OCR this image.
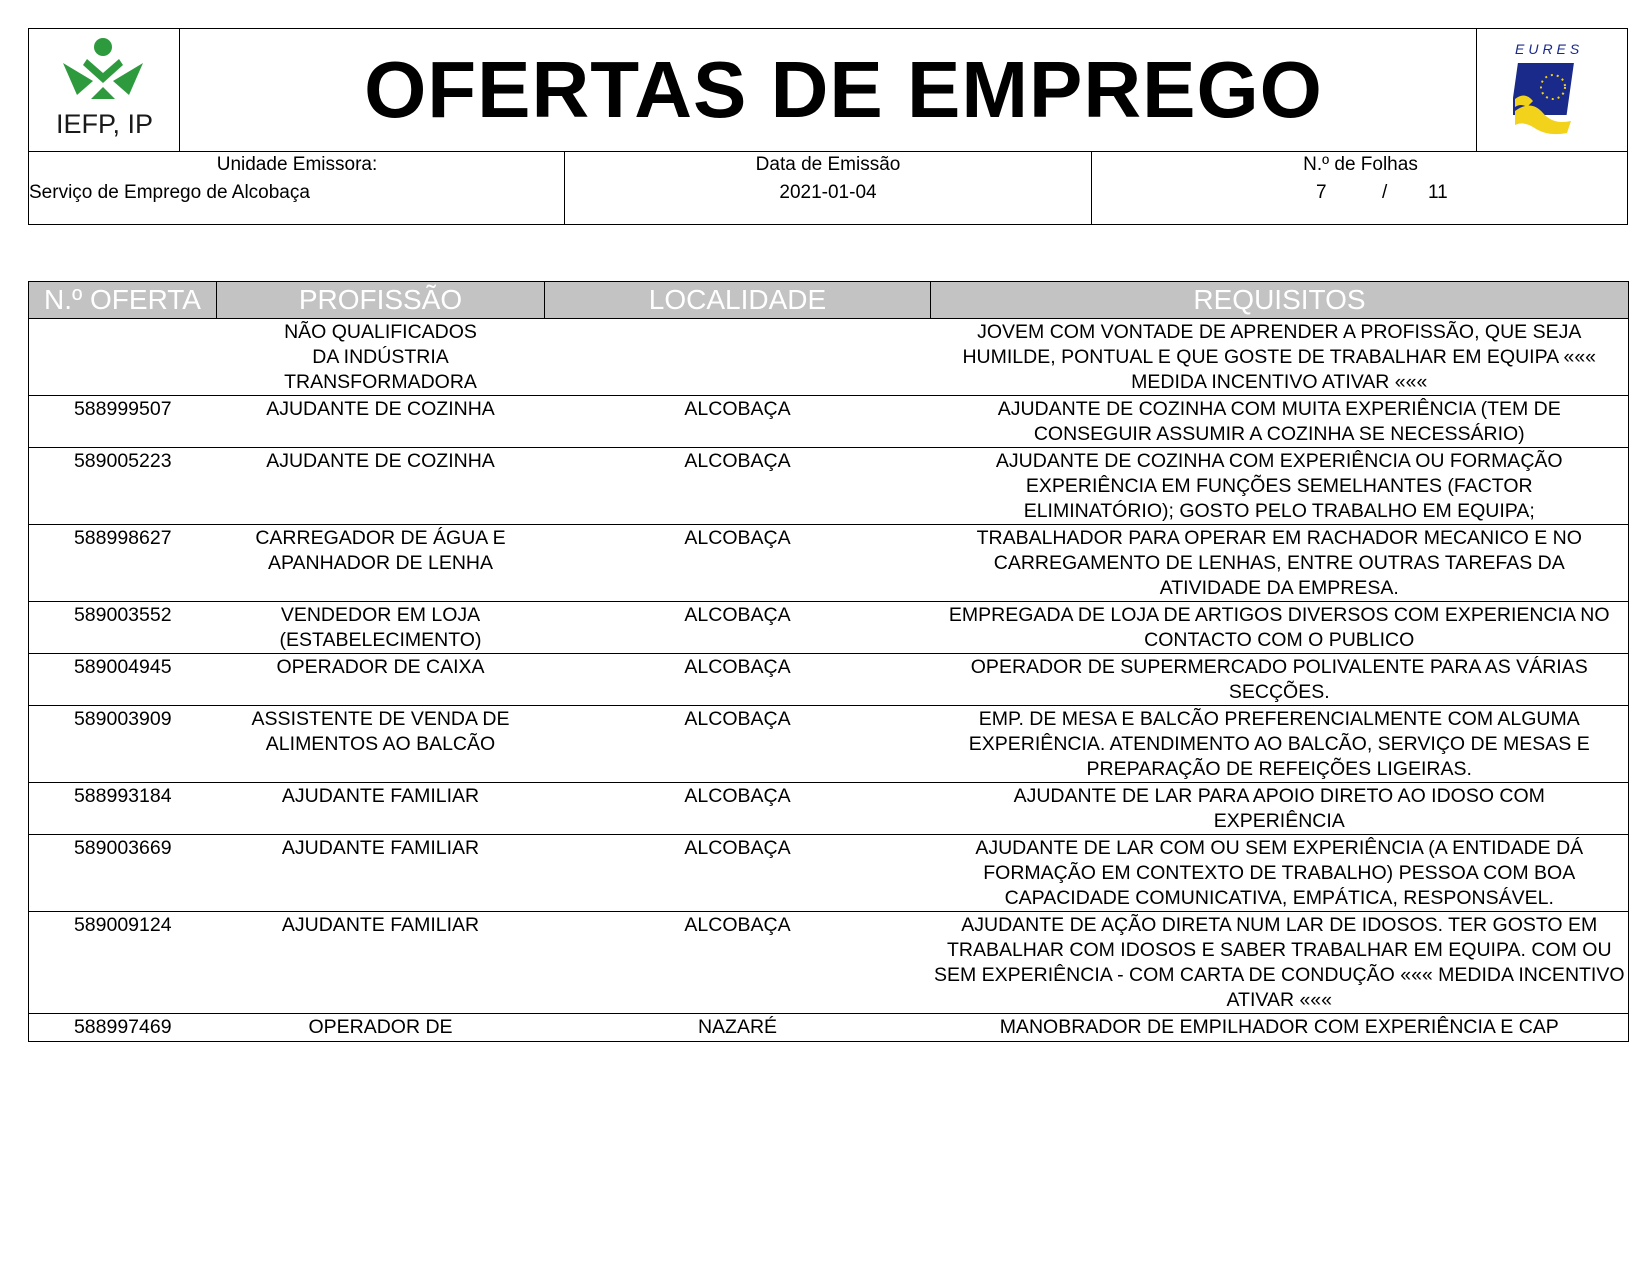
IEFP, IP	OFERTAS DE EMPREGO	EURES
Unidade Emissora:
Serviço de Emprego de Alcobaça
Data de Emissão
2021-01-04
N.º de Folhas
7	/ 11
N.º OFERTA	PROFISSÃO	LOCALIDADE	REQUISITOS
	NÃO QUALIFICADOS DA INDÚSTRIA TRANSFORMADORA		JOVEM COM VONTADE DE APRENDER A PROFISSÃO, QUE SEJA HUMILDE, PONTUAL E QUE GOSTE DE TRABALHAR EM EQUIPA ««« MEDIDA INCENTIVO ATIVAR «««
588999507	AJUDANTE DE COZINHA	ALCOBAÇA	AJUDANTE DE COZINHA COM MUITA EXPERIÊNCIA (TEM DE CONSEGUIR ASSUMIR A COZINHA SE NECESSÁRIO)
589005223	AJUDANTE DE COZINHA	ALCOBAÇA	AJUDANTE DE COZINHA COM EXPERIÊNCIA OU FORMAÇÃO EXPERIÊNCIA EM FUNÇÕES SEMELHANTES (FACTOR ELIMINATÓRIO); GOSTO PELO TRABALHO EM EQUIPA;
588998627	CARREGADOR DE ÁGUA E APANHADOR DE LENHA	ALCOBAÇA	TRABALHADOR PARA OPERAR EM RACHADOR MECANICO E NO CARREGAMENTO DE LENHAS, ENTRE OUTRAS TAREFAS DA ATIVIDADE DA EMPRESA.
589003552	VENDEDOR EM LOJA (ESTABELECIMENTO)	ALCOBAÇA	EMPREGADA DE LOJA DE ARTIGOS DIVERSOS COM EXPERIENCIA NO CONTACTO COM O PUBLICO
589004945	OPERADOR DE CAIXA	ALCOBAÇA	OPERADOR DE SUPERMERCADO POLIVALENTE PARA AS VÁRIAS SECÇÕES.
589003909	ASSISTENTE DE VENDA DE ALIMENTOS AO BALCÃO	ALCOBAÇA	EMP. DE MESA E BALCÃO PREFERENCIALMENTE COM ALGUMA EXPERIÊNCIA. ATENDIMENTO AO BALCÃO, SERVIÇO DE MESAS E PREPARAÇÃO DE REFEIÇÕES LIGEIRAS.
588993184	AJUDANTE FAMILIAR	ALCOBAÇA	AJUDANTE DE LAR PARA APOIO DIRETO AO IDOSO COM EXPERIÊNCIA
589003669	AJUDANTE FAMILIAR	ALCOBAÇA	AJUDANTE DE LAR COM OU SEM EXPERIÊNCIA (A ENTIDADE DÁ FORMAÇÃO EM CONTEXTO DE TRABALHO) PESSOA COM BOA CAPACIDADE COMUNICATIVA, EMPÁTICA, RESPONSÁVEL.
589009124	AJUDANTE FAMILIAR	ALCOBAÇA	AJUDANTE DE AÇÃO DIRETA NUM LAR DE IDOSOS. TER GOSTO EM TRABALHAR COM IDOSOS E SABER TRABALHAR EM EQUIPA. COM OU SEM EXPERIÊNCIA - COM CARTA DE CONDUÇÃO ««« MEDIDA INCENTIVO ATIVAR «««
588997469	OPERADOR DE	NAZARÉ	MANOBRADOR DE EMPILHADOR COM EXPERIÊNCIA E CAP
